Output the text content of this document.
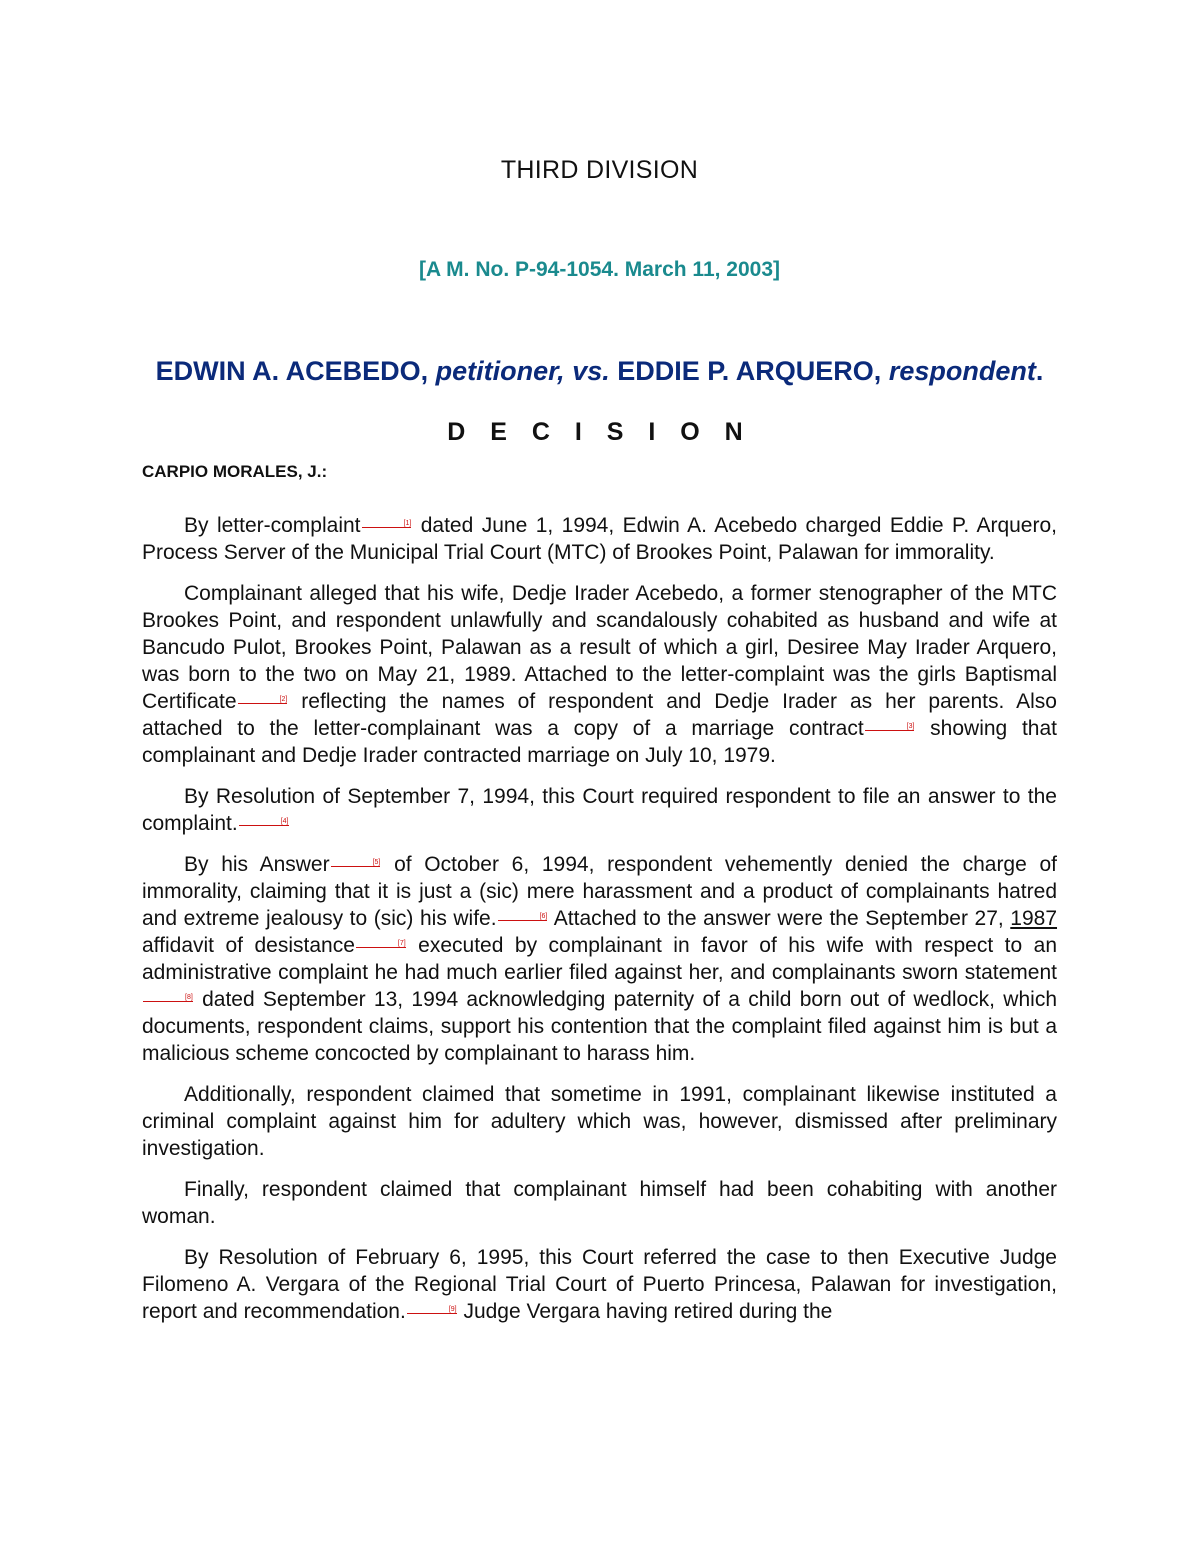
THIRD DIVISION
[A M. No. P-94-1054. March 11, 2003]
EDWIN A. ACEBEDO, petitioner, vs. EDDIE P. ARQUERO, respondent.
D E C I S I O N
CARPIO MORALES, J.:

By letter-complaint	[1] dated June 1, 1994, Edwin A. Acebedo charged Eddie P. Arquero, Process Server of the Municipal Trial Court (MTC) of Brookes Point, Palawan for immorality.

Complainant alleged that his wife, Dedje Irader Acebedo, a former stenographer of the MTC Brookes Point, and respondent unlawfully and scandalously cohabited as husband and wife at Bancudo Pulot, Brookes Point, Palawan as a result of which a girl, Desiree May Irader Arquero, was born to the two on May 21, 1989. Attached to the letter-complaint was the girls Baptismal Certificate	[2] reflecting the names of respondent and Dedje Irader as her parents. Also attached to the letter-complainant was a copy of a marriage contract	[3] showing that complainant and Dedje Irader contracted marriage on July 10, 1979.

By Resolution of September 7, 1994, this Court required respondent to file an answer to the complaint.	[4]

By his Answer	[5] of October 6, 1994, respondent vehemently denied the charge of immorality, claiming that it is just a (sic) mere harassment and a product of complainants hatred and extreme jealousy to (sic) his wife.	[6] Attached to the answer were the September 27, 1987 affidavit of desistance	[7] executed by complainant in favor of his wife with respect to an administrative complaint he had much earlier filed against her, and complainants sworn statement[8] dated September 13, 1994 acknowledging paternity of a child born out of wedlock, which documents, respondent claims, support his contention that the complaint filed against him is but a malicious scheme concocted by complainant to harass him.

Additionally, respondent claimed that sometime in 1991, complainant likewise instituted a criminal complaint against him for adultery which was, however, dismissed after preliminary investigation.

Finally, respondent claimed that complainant himself had been cohabiting with another woman.

By Resolution of February 6, 1995, this Court referred the case to then Executive Judge Filomeno A. Vergara of the Regional Trial Court of Puerto Princesa, Palawan for investigation, report and recommendation.	[9] Judge Vergara having retired during the
